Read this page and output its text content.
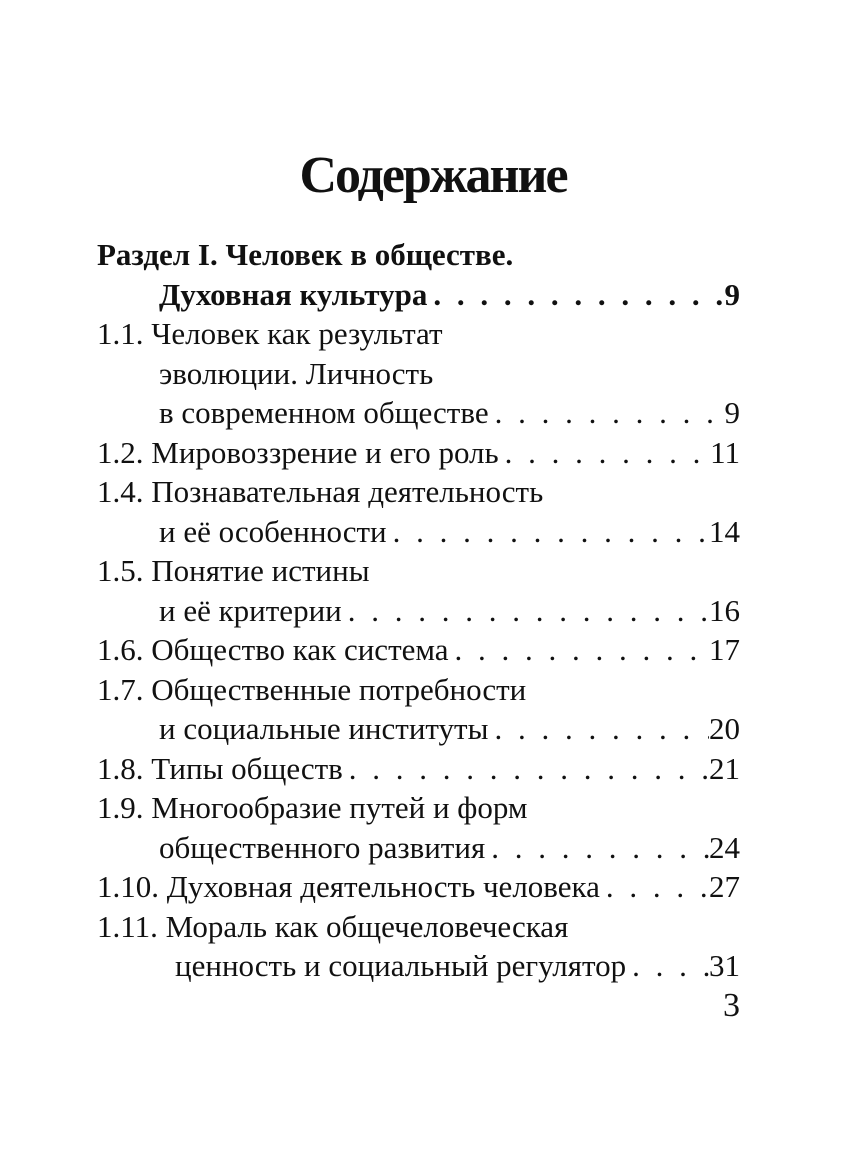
Содержание
Раздел I. Человек в обществе.
Духовная культура . . .	9
1.1. Человек как результат
эволюции. Личность
в современном обществе . . .	9
1.2. Мировоззрение и его роль . . .	11
1.4. Познавательная деятельность
и её особенности . . .	14
1.5. Понятие истины
и её критерии . . .	16
1.6. Общество как система . . .	17
1.7. Общественные потребности
и социальные институты . . .	20
1.8. Типы обществ . . .	21
1.9. Многообразие путей и форм
общественного развития . . .	24
1.10. Духовная деятельность человека . . .	27
1.11. Мораль как общечеловеческая
ценность и социальный регулятор . . .	31
3
